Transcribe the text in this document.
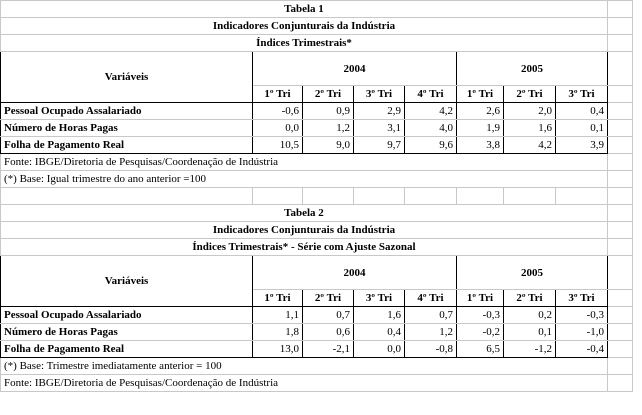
Tabela 1								
Indicadores Conjunturais da Indústria								
Índices Trimestrais*								
Variáveis	2004				2005			
	1º Tri	2º Tri	3º Tri	4º Tri	1º Tri	2º Tri	3º Tri	
Pessoal Ocupado Assalariado	-0,6	0,9	2,9	4,2	2,6	2,0	0,4	
Número de Horas Pagas	0,0	1,2	3,1	4,0	1,9	1,6	0,1	
Folha de Pagamento Real	10,5	9,0	9,7	9,6	3,8	4,2	3,9	
Fonte: IBGE/Diretoria de Pesquisas/Coordenação de Indústria								
(*) Base: Igual trimestre do ano anterior =100								

Tabela 2								
Indicadores Conjunturais da Indústria								
Índices Trimestrais* - Série com Ajuste Sazonal								
Variáveis	2004				2005			
	1º Tri	2º Tri	3º Tri	4º Tri	1º Tri	2º Tri	3º Tri	
Pessoal Ocupado Assalariado	1,1	0,7	1,6	0,7	-0,3	0,2	-0,3	
Número de Horas Pagas	1,8	0,6	0,4	1,2	-0,2	0,1	-1,0	
Folha de Pagamento Real	13,0	-2,1	0,0	-0,8	6,5	-1,2	-0,4	
(*) Base: Trimestre imediatamente anterior = 100								
Fonte: IBGE/Diretoria de Pesquisas/Coordenação de Indústria								
